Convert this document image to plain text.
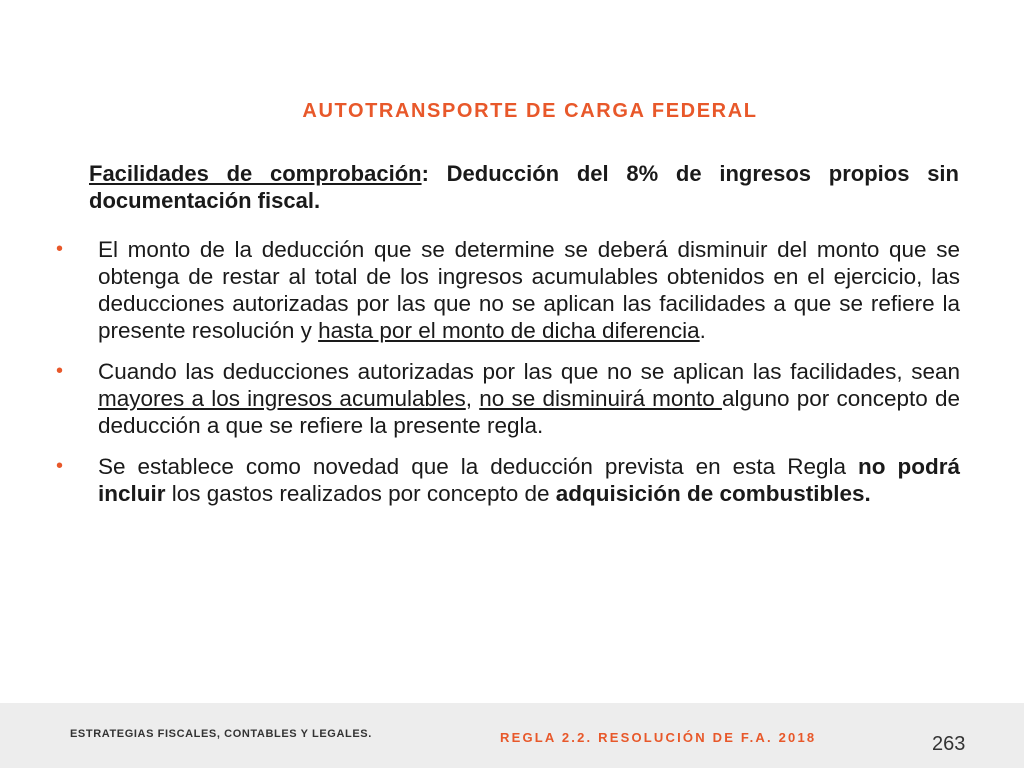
AUTOTRANSPORTE DE CARGA FEDERAL
Facilidades de comprobación: Deducción del 8% de ingresos propios sin documentación fiscal.
• El monto de la deducción que se determine se deberá disminuir del monto que se obtenga de restar al total de los ingresos acumulables obtenidos en el ejercicio, las deducciones autorizadas por las que no se aplican las facilidades a que se refiere la presente resolución y hasta por el monto de dicha diferencia.
• Cuando las deducciones autorizadas por las que no se aplican las facilidades, sean mayores a los ingresos acumulables, no se disminuirá monto alguno por concepto de deducción a que se refiere la presente regla.
• Se establece como novedad que la deducción prevista en esta Regla no podrá incluir los gastos realizados por concepto de adquisición de combustibles.
ESTRATEGIAS FISCALES, CONTABLES Y LEGALES.	REGLA 2.2. RESOLUCIÓN DE F.A. 2018	263
